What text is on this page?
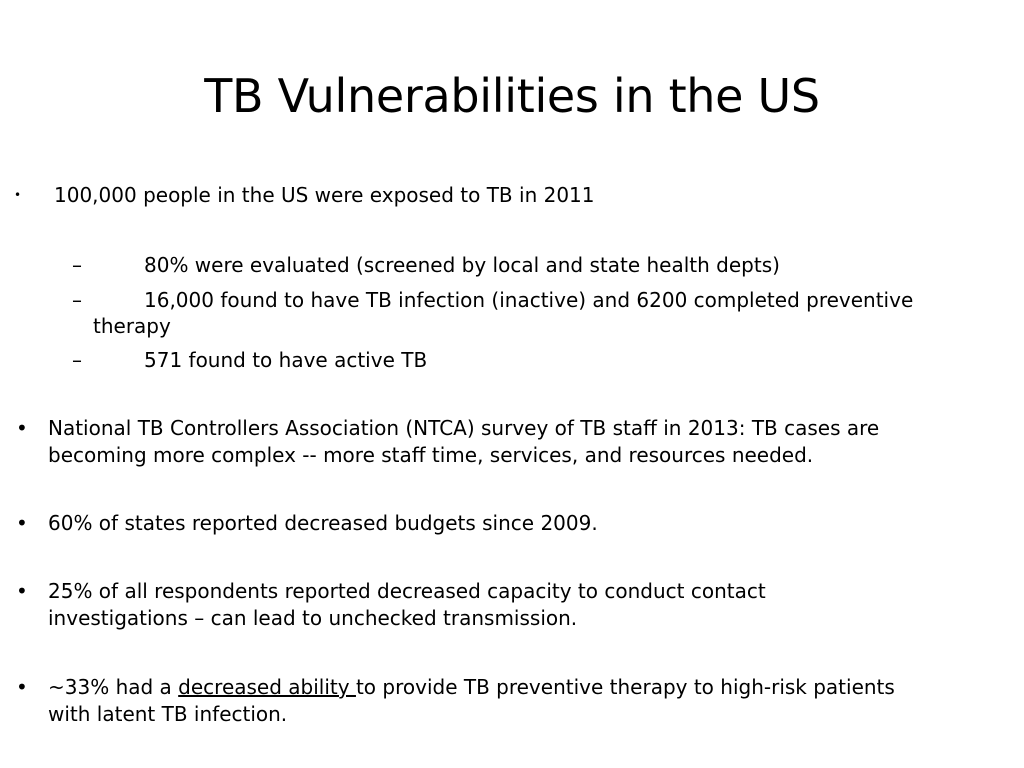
TB Vulnerabilities in the US
• 100,000 people in the US were exposed to TB in 2011
–	80% were evaluated (screened by local and state health depts)
–	16,000 found to have TB infection (inactive) and 6200 completed preventive
therapy
–	571 found to have active TB
• National TB Controllers Association (NTCA) survey of TB staff in 2013: TB cases are
becoming more complex -- more staff time, services, and resources needed.
• 60% of states reported decreased budgets since 2009.
• 25% of all respondents reported decreased capacity to conduct contact
investigations – can lead to unchecked transmission.
• ~33% had a decreased ability to provide TB preventive therapy to high-risk patients
with latent TB infection.
